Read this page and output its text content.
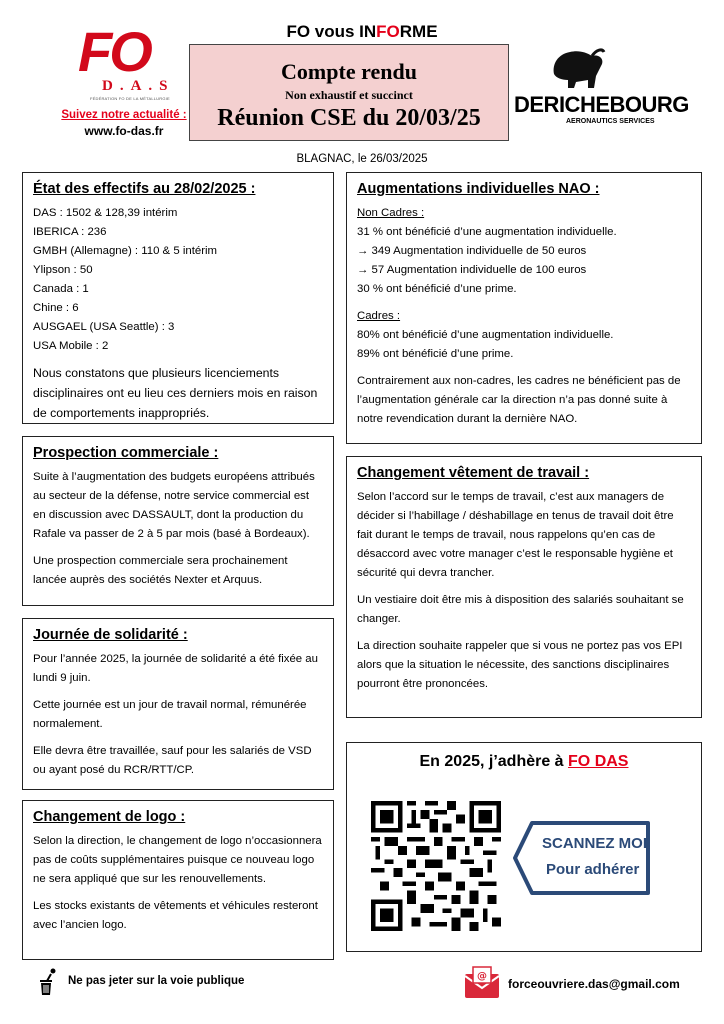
FO vous INFORME
FO
D.A.S
FÉDÉRATION FO DE LA MÉTALLURGIE
Suivez notre actualité :
www.fo-das.fr
Compte rendu
Non exhaustif et succinct
Réunion CSE du 20/03/25
DERICHEBOURG
AERONAUTICS SERVICES
BLAGNAC, le 26/03/2025
État des effectifs au 28/02/2025 :
DAS : 1502 & 128,39 intérim
IBERICA : 236
GMBH (Allemagne) : 110 & 5 intérim
Ylipson : 50
Canada : 1
Chine : 6
AUSGAEL (USA Seattle) : 3
USA Mobile : 2
Nous constatons que plusieurs licenciements disciplinaires ont eu lieu ces derniers mois en raison de comportements inappropriés.
Prospection commerciale :

Suite à l’augmentation des budgets européens attribués au secteur de la défense, notre service commercial est en discussion avec DASSAULT, dont la production du Rafale va passer de 2 à 5 par mois (basé à Bordeaux).

Une prospection commerciale sera prochainement lancée auprès des sociétés Nexter et Arquus.

Journée de solidarité :

Pour l’année 2025, la journée de solidarité a été fixée au lundi 9 juin.

Cette journée est un jour de travail normal, rémunérée normalement.

Elle devra être travaillée, sauf pour les salariés de VSD ou ayant posé du RCR/RTT/CP.

Changement de logo :

Selon la direction, le changement de logo n’occasionnera pas de coûts supplémentaires puisque ce nouveau logo ne sera appliqué que sur les renouvellements.

Les stocks existants de vêtements et véhicules resteront avec l’ancien logo.

Augmentations individuelles NAO :
Non Cadres :
31 % ont bénéficié d’une augmentation individuelle.
→ 349 Augmentation individuelle de 50 euros
→ 57 Augmentation individuelle de 100 euros
30 % ont bénéficié d’une prime.
Cadres :
80% ont bénéficié d’une augmentation individuelle.
89% ont bénéficié d’une prime.

Contrairement aux non-cadres, les cadres ne bénéficient pas de l’augmentation générale car la direction n’a pas donné suite à notre revendication durant la dernière NAO.

Changement vêtement de travail :

Selon l’accord sur le temps de travail, c’est aux managers de décider si l’habillage / déshabillage en tenus de travail doit être fait durant le temps de travail, nous rappelons qu’en cas de désaccord avec votre manager c’est le responsable hygiène et sécurité qui devra trancher.

Un vestiaire doit être mis à disposition des salariés souhaitant se changer.

La direction souhaite rappeler que si vous ne portez pas vos EPI alors que la situation le nécessite, des sanctions disciplinaires pourront être prononcées.

En 2025, j’adhère à FO DAS
SCANNEZ MOI
Pour adhérer
Ne pas jeter sur la voie publique	@
forceouvriere.das@gmail.com
